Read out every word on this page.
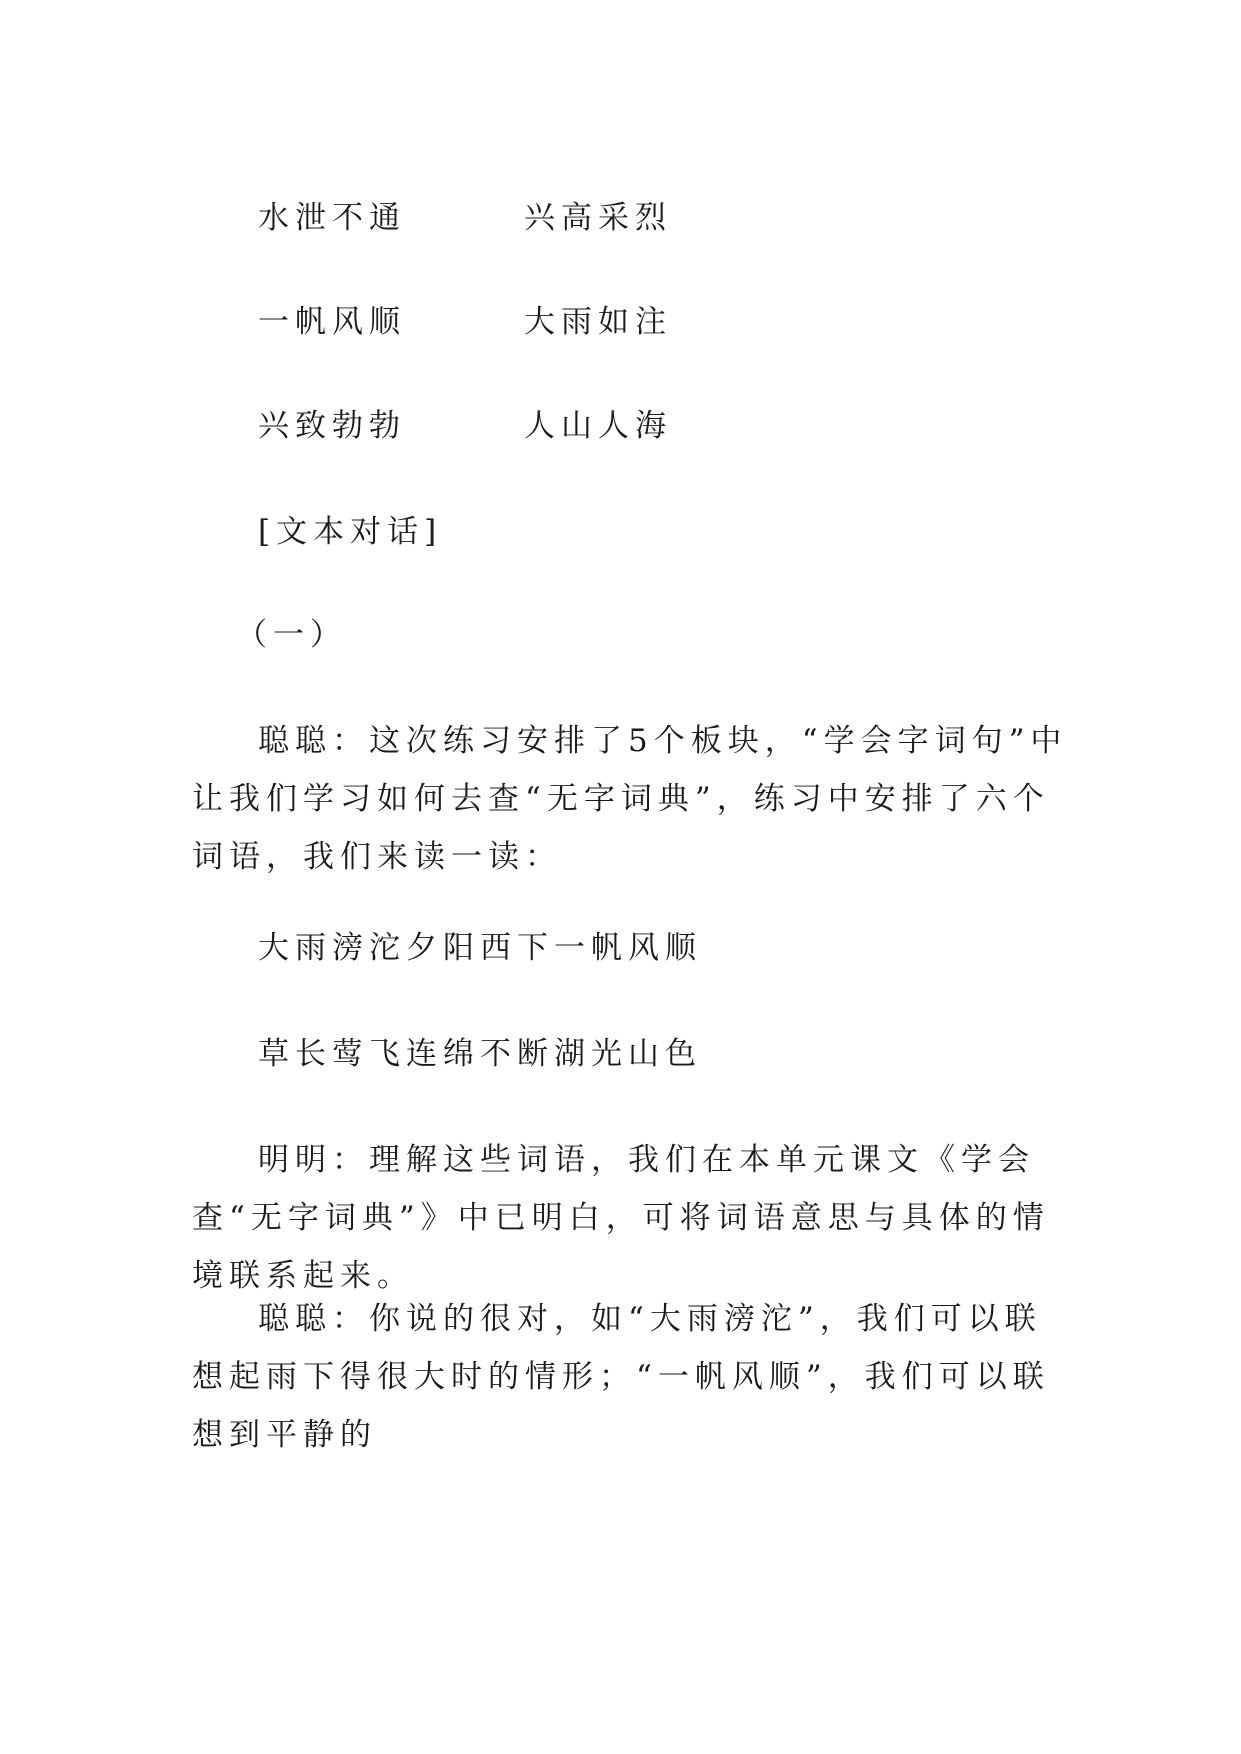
水泄不通	兴高采烈
一帆风顺	大雨如注
兴致勃勃	人山人海
[文本对话]
（一）

聪聪：这次练习安排了5个板块，“学会字词句”中让我们学习如何去查“无字词典”，练习中安排了六个词语，我们来读一读：

大雨滂沱夕阳西下一帆风顺
草长莺飞连绵不断湖光山色

明明：理解这些词语，我们在本单元课文《学会查“无字词典”》中已明白，可将词语意思与具体的情境联系起来。

聪聪：你说的很对，如“大雨滂沱”，我们可以联想起雨下得很大时的情形；“一帆风顺”，我们可以联想到平静的
